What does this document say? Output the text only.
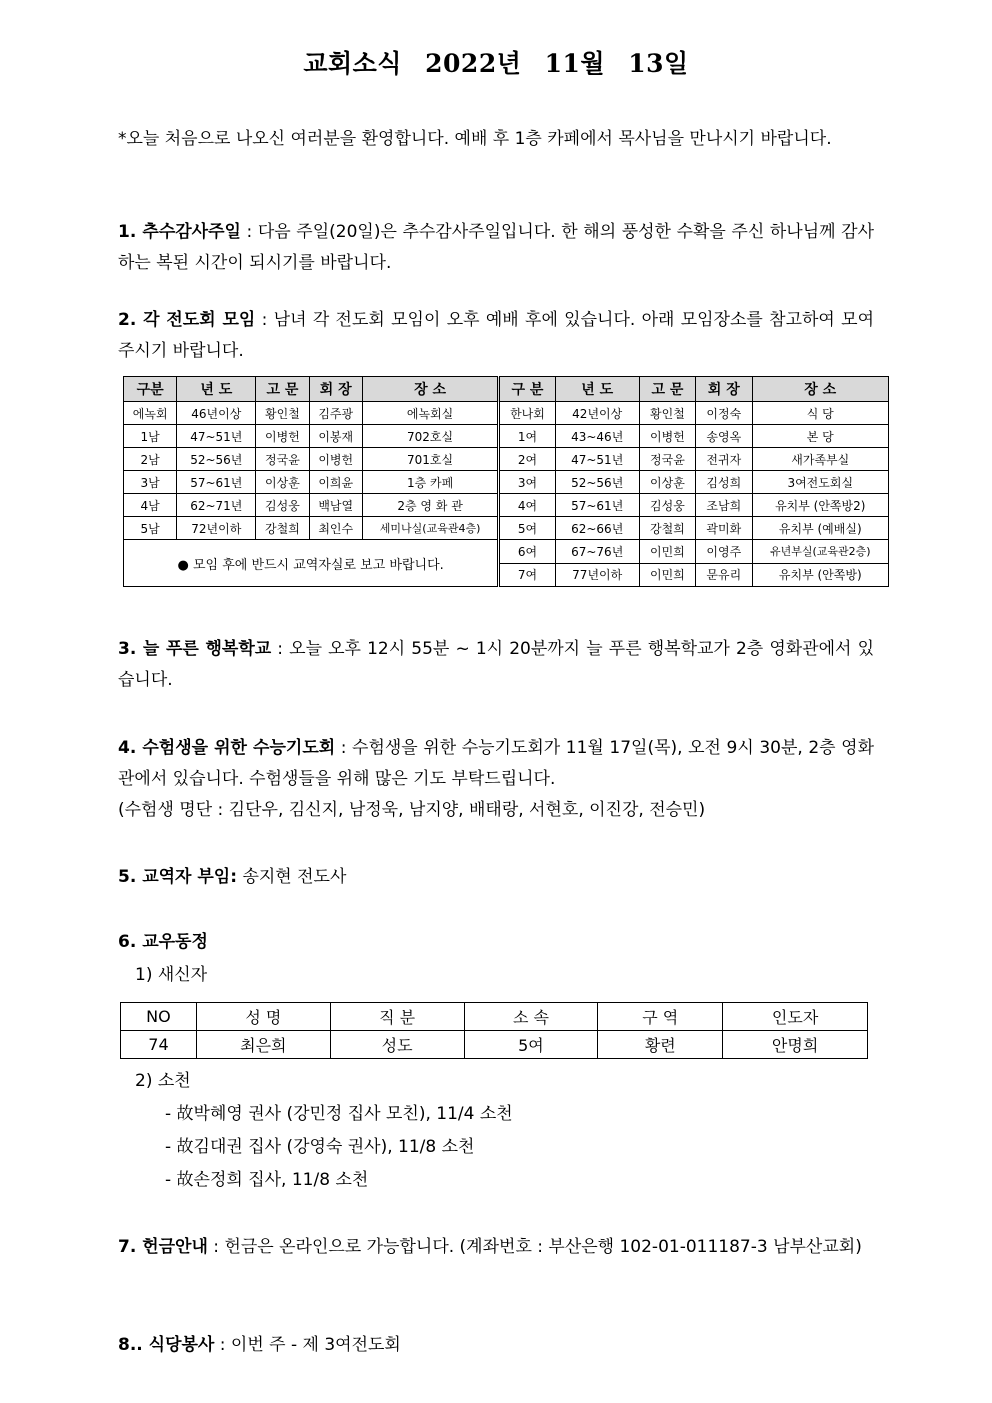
교회소식 2022년 11월 13일
*오늘 처음으로 나오신 여러분을 환영합니다. 예배 후 1층 카페에서 목사님을 만나시기 바랍니다.
1. 추수감사주일 : 다음 주일(20일)은 추수감사주일입니다. 한 해의 풍성한 수확을 주신 하나님께 감사하는 복된 시간이 되시기를 바랍니다.
2. 각 전도회 모임 : 남녀 각 전도회 모임이 오후 예배 후에 있습니다. 아래 모임장소를 참고하여 모여 주시기 바랍니다.
구분	년 도	고 문	회 장	장 소	구 분	년 도	고 문	회 장	장 소
에녹회	46년이상	황인철	김주광	에녹회실	한나회	42년이상	황인철	이정숙	식 당
1남	47~51년	이병헌	이봉재	702호실	1여	43~46년	이병헌	송영옥	본 당
2남	52~56년	정국윤	이병헌	701호실	2여	47~51년	정국윤	전귀자	새가족부실
3남	57~61년	이상훈	이희윤	1층 카페	3여	52~56년	이상훈	김성희	3여전도회실
4남	62~71년	김성웅	백남열	2층 영 화 관	4여	57~61년	김성웅	조남희	유치부 (안쪽방2)
5남	72년이하	강철희	최인수	세미나실(교육관4층)	5여	62~66년	강철희	곽미화	유치부 (예배실)
● 모임 후에 반드시 교역자실로 보고 바랍니다.					6여	67~76년	이민희	이영주	유년부실(교육관2층)
					7여	77년이하	이민희	문유리	유치부 (안쪽방)
3. 늘 푸른 행복학교 : 오늘 오후 12시 55분 ~ 1시 20분까지 늘 푸른 행복학교가 2층 영화관에서 있습니다.
4. 수험생을 위한 수능기도회 : 수험생을 위한 수능기도회가 11월 17일(목), 오전 9시 30분, 2층 영화관에서 있습니다. 수험생들을 위해 많은 기도 부탁드립니다.
(수험생 명단 : 김단우, 김신지, 남정욱, 남지양, 배태랑, 서현호, 이진강, 전승민)
5. 교역자 부임: 송지현 전도사
6. 교우동정
1) 새신자
NO	성 명	직 분	소 속	구 역	인도자
74	최은희	성도	5여	황련	안명희
2) 소천
- 故박혜영 권사 (강민정 집사 모친), 11/4 소천
- 故김대권 집사 (강영숙 권사), 11/8 소천
- 故손정희 집사, 11/8 소천
7. 헌금안내 : 헌금은 온라인으로 가능합니다. (계좌번호 : 부산은행 102-01-011187-3 남부산교회)
8.. 식당봉사 : 이번 주 - 제 3여전도회
